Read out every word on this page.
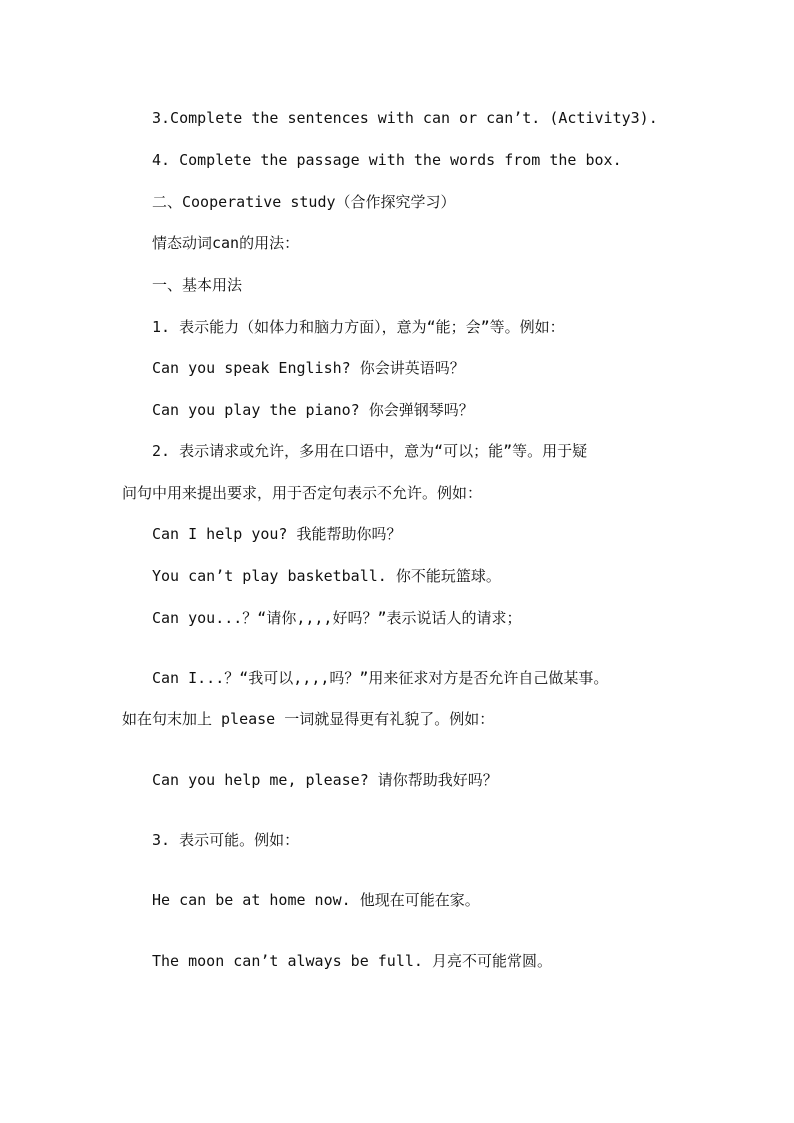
3.Complete the sentences with can or can’t. (Activity3).
4. Complete the passage with the words from the box.
二、Cooperative study（合作探究学习）
情态动词can的用法：
一、基本用法
1. 表示能力（如体力和脑力方面），意为“能；会”等。例如：
Can you speak English? 你会讲英语吗？
Can you play the piano? 你会弹钢琴吗？
2. 表示请求或允许，多用在口语中，意为“可以；能”等。用于疑
问句中用来提出要求，用于否定句表示不允许。例如：
Can I help you? 我能帮助你吗？
You can’t play basketball. 你不能玩篮球。
Can you...？“请你,,,,好吗？”表示说话人的请求；
Can I...？“我可以,,,,吗？”用来征求对方是否允许自己做某事。
如在句末加上 please 一词就显得更有礼貌了。例如：
Can you help me, please? 请你帮助我好吗？
3. 表示可能。例如：
He can be at home now. 他现在可能在家。
The moon can’t always be full. 月亮不可能常圆。
